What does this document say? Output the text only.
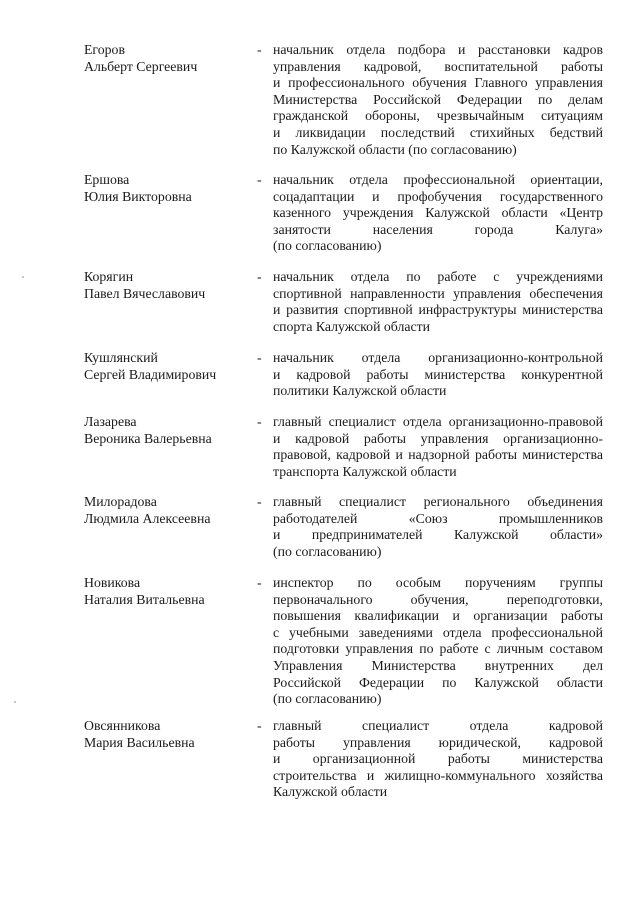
Егоров
Альберт Сергеевич
- начальник отдела подбора и расстановки кадров
управления кадровой, воспитательной работы
и профессионального обучения Главного управления
Министерства Российской Федерации по делам
гражданской обороны, чрезвычайным ситуациям
и ликвидации последствий стихийных бедствий
по Калужской области (по согласованию)
Ершова
Юлия Викторовна
- начальник отдела профессиональной ориентации,
соцадаптации и профобучения государственного
казенного учреждения Калужской области «Центр
занятости населения города Калуга»
(по согласованию)
Корягин
Павел Вячеславович
- начальник отдела по работе с учреждениями
спортивной направленности управления обеспечения
и развития спортивной инфраструктуры министерства
спорта Калужской области
Кушлянский
Сергей Владимирович
- начальник отдела организационно-контрольной
и кадровой работы министерства конкурентной
политики Калужской области
Лазарева
Вероника Валерьевна
- главный специалист отдела организационно-правовой
и кадровой работы управления организационно-
правовой, кадровой и надзорной работы министерства
транспорта Калужской области
Милорадова
Людмила Алексеевна
- главный специалист регионального объединения
работодателей «Союз промышленников
и предпринимателей Калужской области»
(по согласованию)
Новикова
Наталия Витальевна
- инспектор по особым поручениям группы
первоначального обучения, переподготовки,
повышения квалификации и организации работы
с учебными заведениями отдела профессиональной
подготовки управления по работе с личным составом
Управления Министерства внутренних дел
Российской Федерации по Калужской области
(по согласованию)
Овсянникова
Мария Васильевна
- главный специалист отдела кадровой
работы управления юридической, кадровой
и организационной работы министерства
строительства и жилищно-коммунального хозяйства
Калужской области
